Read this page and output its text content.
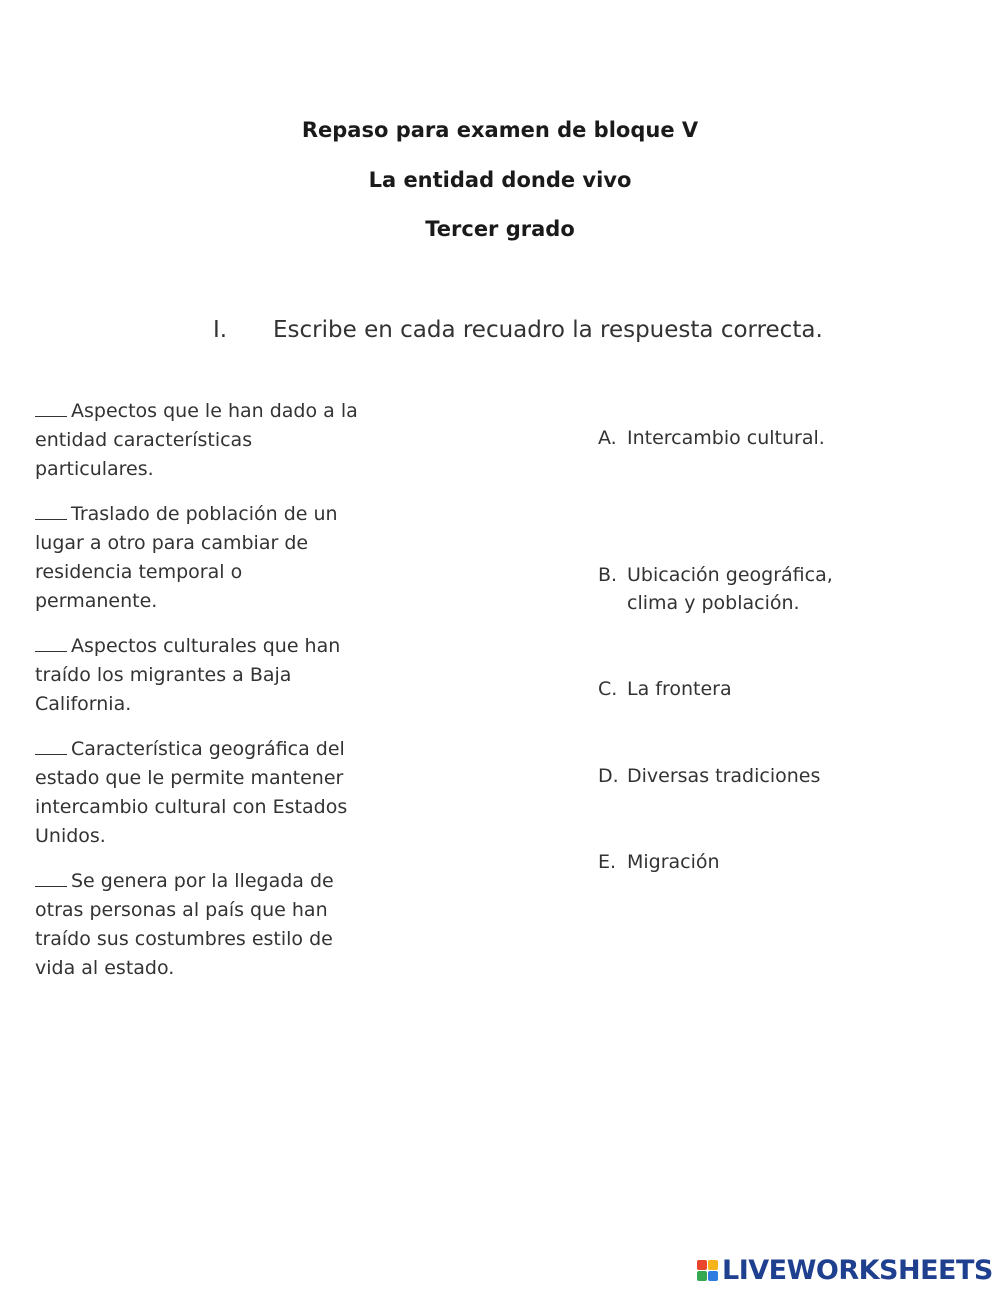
Repaso para examen de bloque V
La entidad donde vivo
Tercer grado
I. Escribe en cada recuadro la respuesta correcta.
Aspectos que le han dado a la entidad características particulares.
Traslado de población de un lugar a otro para cambiar de residencia temporal o permanente.
Aspectos culturales que han traído los migrantes a Baja California.
Característica geográfica del estado que le permite mantener intercambio cultural con Estados Unidos.
Se genera por la llegada de otras personas al país que han traído sus costumbres estilo de vida al estado.
A. Intercambio cultural.
B. Ubicación geográfica, clima y población.
C. La frontera
D. Diversas tradiciones
E. Migración
LIVEWORKSHEETS
